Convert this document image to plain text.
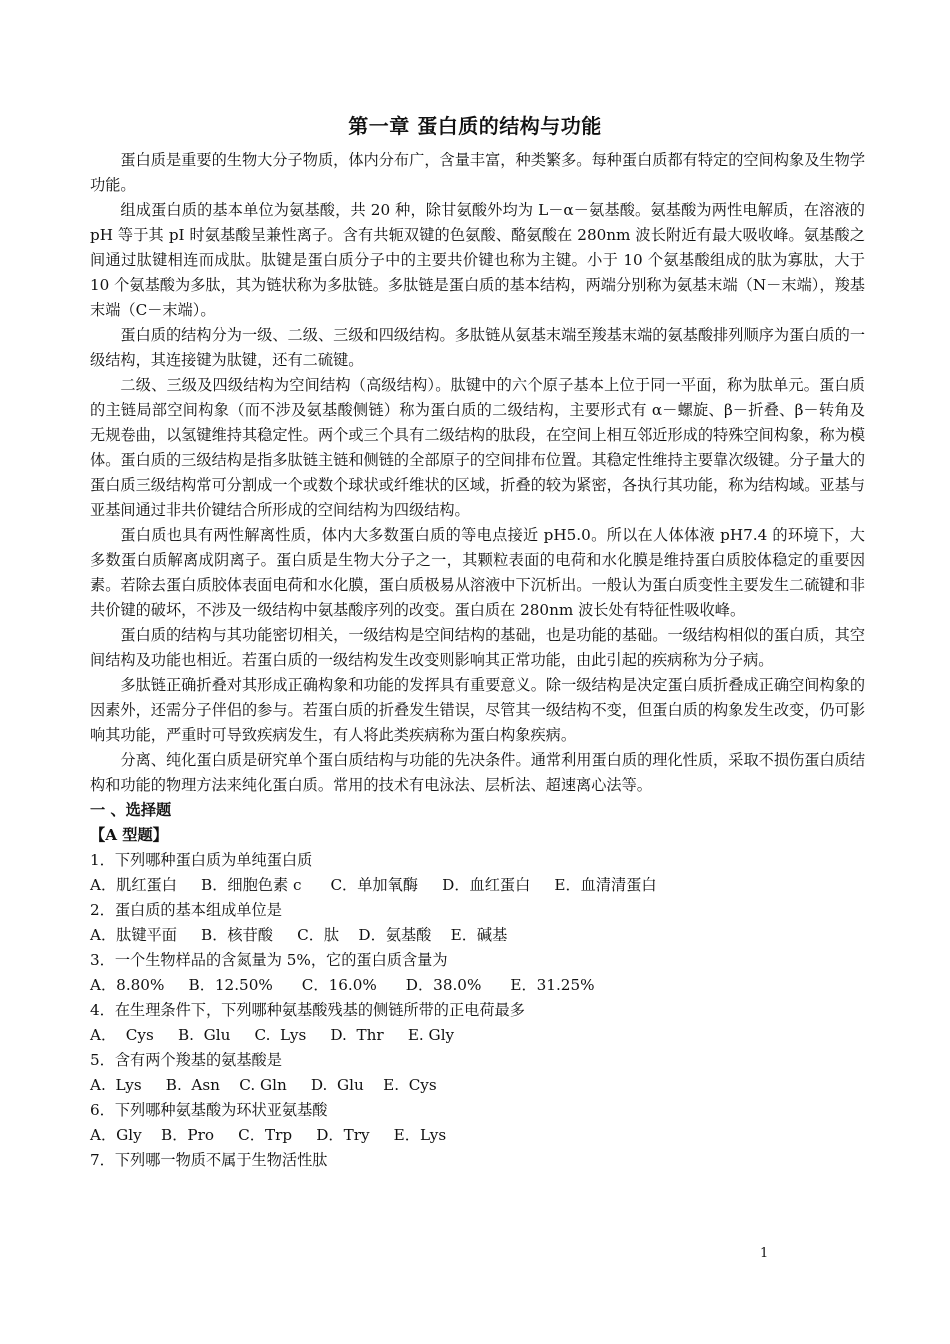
第一章 蛋白质的结构与功能

蛋白质是重要的生物大分子物质，体内分布广，含量丰富，种类繁多。每种蛋白质都有特定的空间构象及生物学功能。

组成蛋白质的基本单位为氨基酸，共 20 种，除甘氨酸外均为 L－α－氨基酸。氨基酸为两性电解质，在溶液的 pH 等于其 pI 时氨基酸呈兼性离子。含有共轭双键的色氨酸、酪氨酸在 280nm 波长附近有最大吸收峰。氨基酸之间通过肽键相连而成肽。肽键是蛋白质分子中的主要共价键也称为主键。小于 10 个氨基酸组成的肽为寡肽，大于 10 个氨基酸为多肽，其为链状称为多肽链。多肽链是蛋白质的基本结构，两端分别称为氨基末端（N－末端），羧基末端（C－末端）。

蛋白质的结构分为一级、二级、三级和四级结构。多肽链从氨基末端至羧基末端的氨基酸排列顺序为蛋白质的一级结构，其连接键为肽键，还有二硫键。

二级、三级及四级结构为空间结构（高级结构）。肽键中的六个原子基本上位于同一平面，称为肽单元。蛋白质的主链局部空间构象（而不涉及氨基酸侧链）称为蛋白质的二级结构，主要形式有 α－螺旋、β－折叠、β－转角及无规卷曲，以氢键维持其稳定性。两个或三个具有二级结构的肽段，在空间上相互邻近形成的特殊空间构象，称为模体。蛋白质的三级结构是指多肽链主链和侧链的全部原子的空间排布位置。其稳定性维持主要靠次级键。分子量大的蛋白质三级结构常可分割成一个或数个球状或纤维状的区域，折叠的较为紧密，各执行其功能，称为结构域。亚基与亚基间通过非共价键结合所形成的空间结构为四级结构。

蛋白质也具有两性解离性质，体内大多数蛋白质的等电点接近 pH5.0。所以在人体体液 pH7.4 的环境下，大多数蛋白质解离成阴离子。蛋白质是生物大分子之一，其颗粒表面的电荷和水化膜是维持蛋白质胶体稳定的重要因素。若除去蛋白质胶体表面电荷和水化膜，蛋白质极易从溶液中下沉析出。一般认为蛋白质变性主要发生二硫键和非共价键的破坏，不涉及一级结构中氨基酸序列的改变。蛋白质在 280nm 波长处有特征性吸收峰。

蛋白质的结构与其功能密切相关，一级结构是空间结构的基础，也是功能的基础。一级结构相似的蛋白质，其空间结构及功能也相近。若蛋白质的一级结构发生改变则影响其正常功能，由此引起的疾病称为分子病。

多肽链正确折叠对其形成正确构象和功能的发挥具有重要意义。除一级结构是决定蛋白质折叠成正确空间构象的因素外，还需分子伴侣的参与。若蛋白质的折叠发生错误，尽管其一级结构不变，但蛋白质的构象发生改变，仍可影响其功能，严重时可导致疾病发生，有人将此类疾病称为蛋白构象疾病。

分离、纯化蛋白质是研究单个蛋白质结构与功能的先决条件。通常利用蛋白质的理化性质，采取不损伤蛋白质结构和功能的物理方法来纯化蛋白质。常用的技术有电泳法、层析法、超速离心法等。

一 、选择题
【A 型题】
1．下列哪种蛋白质为单纯蛋白质
A．肌红蛋白     B．细胞色素 c      C．单加氧酶     D．血红蛋白     E．血清清蛋白
2．蛋白质的基本组成单位是
A．肽键平面     B．核苷酸     C．肽    D．氨基酸    E．碱基
3．一个生物样品的含氮量为 5%，它的蛋白质含量为
A．8.80%     B．12.50%      C．16.0%      D．38.0%      E．31.25%
4．在生理条件下，下列哪种氨基酸残基的侧链所带的正电荷最多
A．  Cys     B.  Glu     C.  Lys     D.  Thr     E. Gly
5．含有两个羧基的氨基酸是
A.  Lys     B.  Asn    C. Gln     D.  Glu    E.  Cys
6．下列哪种氨基酸为环状亚氨基酸
A．Gly    B．Pro     C．Trp     D．Try     E．Lys
7．下列哪一物质不属于生物活性肽
1
